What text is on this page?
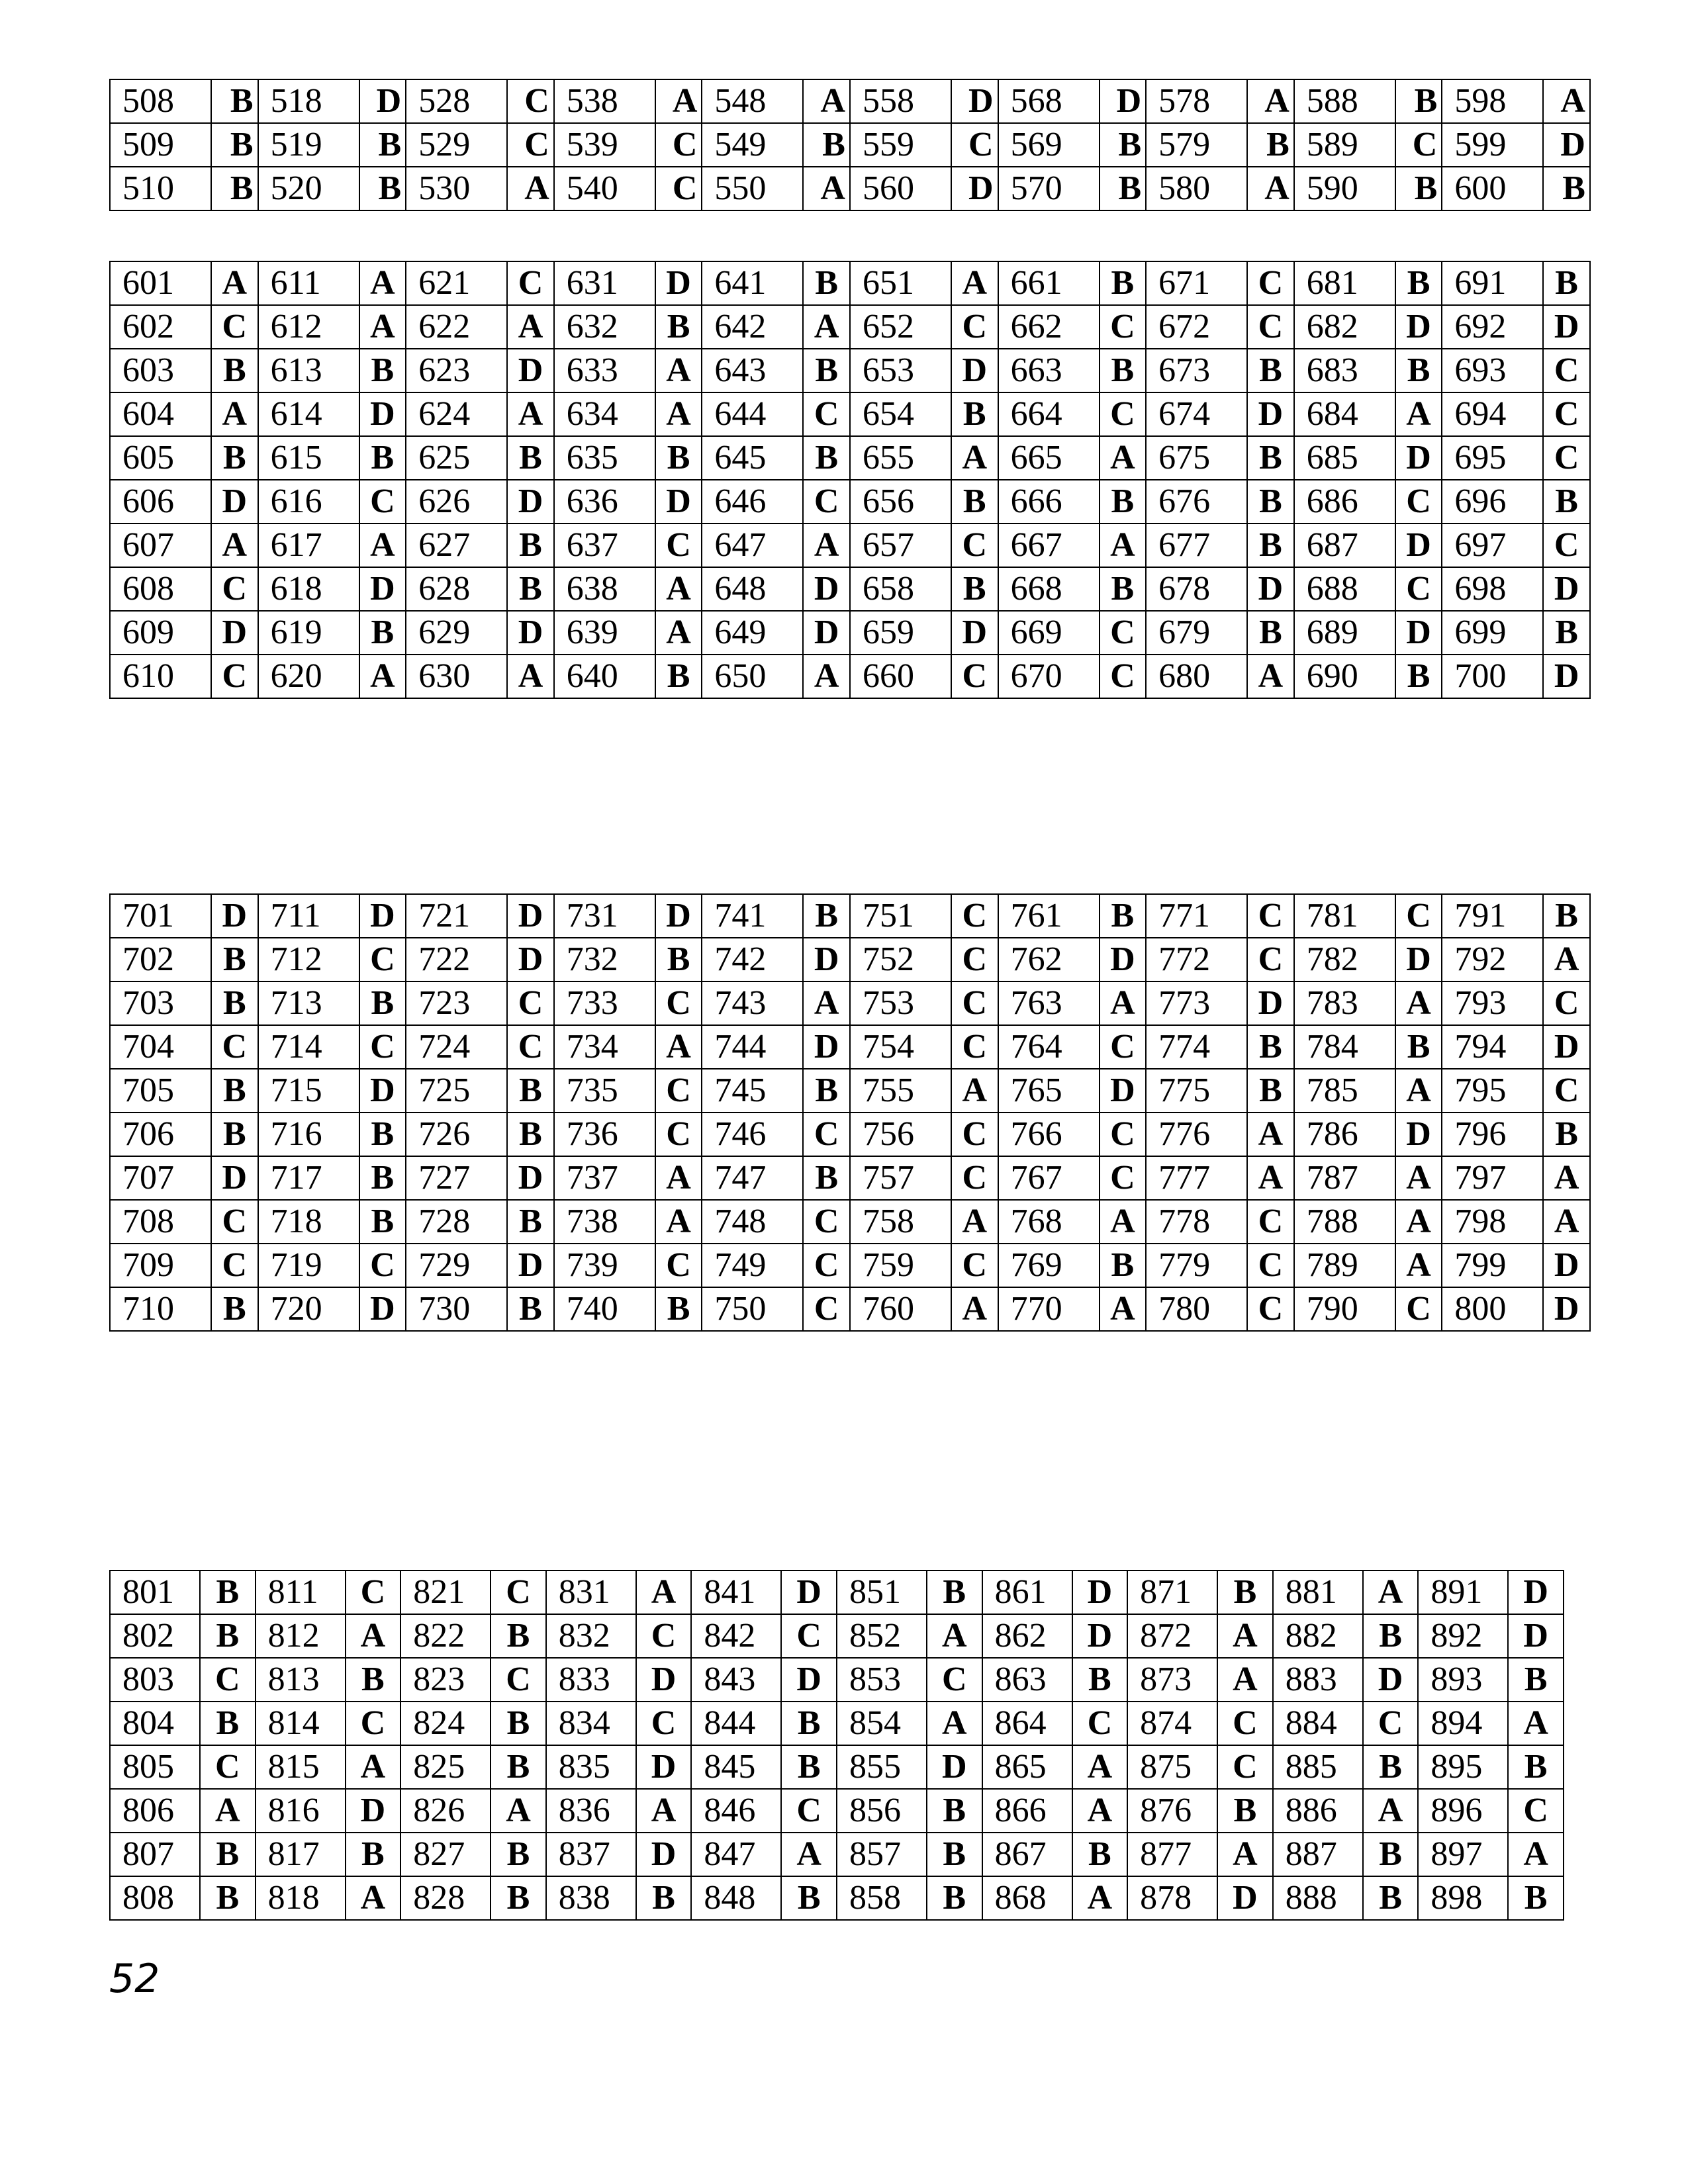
508	B	518	D	528	C	538	A	548	A	558	D	568	D	578	A	588	B	598	A
509	B	519	B	529	C	539	C	549	B	559	C	569	B	579	B	589	C	599	D
510	B	520	B	530	A	540	C	550	A	560	D	570	B	580	A	590	B	600	B
601	A	611	A	621	C	631	D	641	B	651	A	661	B	671	C	681	B	691	B
602	C	612	A	622	A	632	B	642	A	652	C	662	C	672	C	682	D	692	D
603	B	613	B	623	D	633	A	643	B	653	D	663	B	673	B	683	B	693	C
604	A	614	D	624	A	634	A	644	C	654	B	664	C	674	D	684	A	694	C
605	B	615	B	625	B	635	B	645	B	655	A	665	A	675	B	685	D	695	C
606	D	616	C	626	D	636	D	646	C	656	B	666	B	676	B	686	C	696	B
607	A	617	A	627	B	637	C	647	A	657	C	667	A	677	B	687	D	697	C
608	C	618	D	628	B	638	A	648	D	658	B	668	B	678	D	688	C	698	D
609	D	619	B	629	D	639	A	649	D	659	D	669	C	679	B	689	D	699	B
610	C	620	A	630	A	640	B	650	A	660	C	670	C	680	A	690	B	700	D
701	D	711	D	721	D	731	D	741	B	751	C	761	B	771	C	781	C	791	B
702	B	712	C	722	D	732	B	742	D	752	C	762	D	772	C	782	D	792	A
703	B	713	B	723	C	733	C	743	A	753	C	763	A	773	D	783	A	793	C
704	C	714	C	724	C	734	A	744	D	754	C	764	C	774	B	784	B	794	D
705	B	715	D	725	B	735	C	745	B	755	A	765	D	775	B	785	A	795	C
706	B	716	B	726	B	736	C	746	C	756	C	766	C	776	A	786	D	796	B
707	D	717	B	727	D	737	A	747	B	757	C	767	C	777	A	787	A	797	A
708	C	718	B	728	B	738	A	748	C	758	A	768	A	778	C	788	A	798	A
709	C	719	C	729	D	739	C	749	C	759	C	769	B	779	C	789	A	799	D
710	B	720	D	730	B	740	B	750	C	760	A	770	A	780	C	790	C	800	D
801	B	811	C	821	C	831	A	841	D	851	B	861	D	871	B	881	A	891	D
802	B	812	A	822	B	832	C	842	C	852	A	862	D	872	A	882	B	892	D
803	C	813	B	823	C	833	D	843	D	853	C	863	B	873	A	883	D	893	B
804	B	814	C	824	B	834	C	844	B	854	A	864	C	874	C	884	C	894	A
805	C	815	A	825	B	835	D	845	B	855	D	865	A	875	C	885	B	895	B
806	A	816	D	826	A	836	A	846	C	856	B	866	A	876	B	886	A	896	C
807	B	817	B	827	B	837	D	847	A	857	B	867	B	877	A	887	B	897	A
808	B	818	A	828	B	838	B	848	B	858	B	868	A	878	D	888	B	898	B
52
